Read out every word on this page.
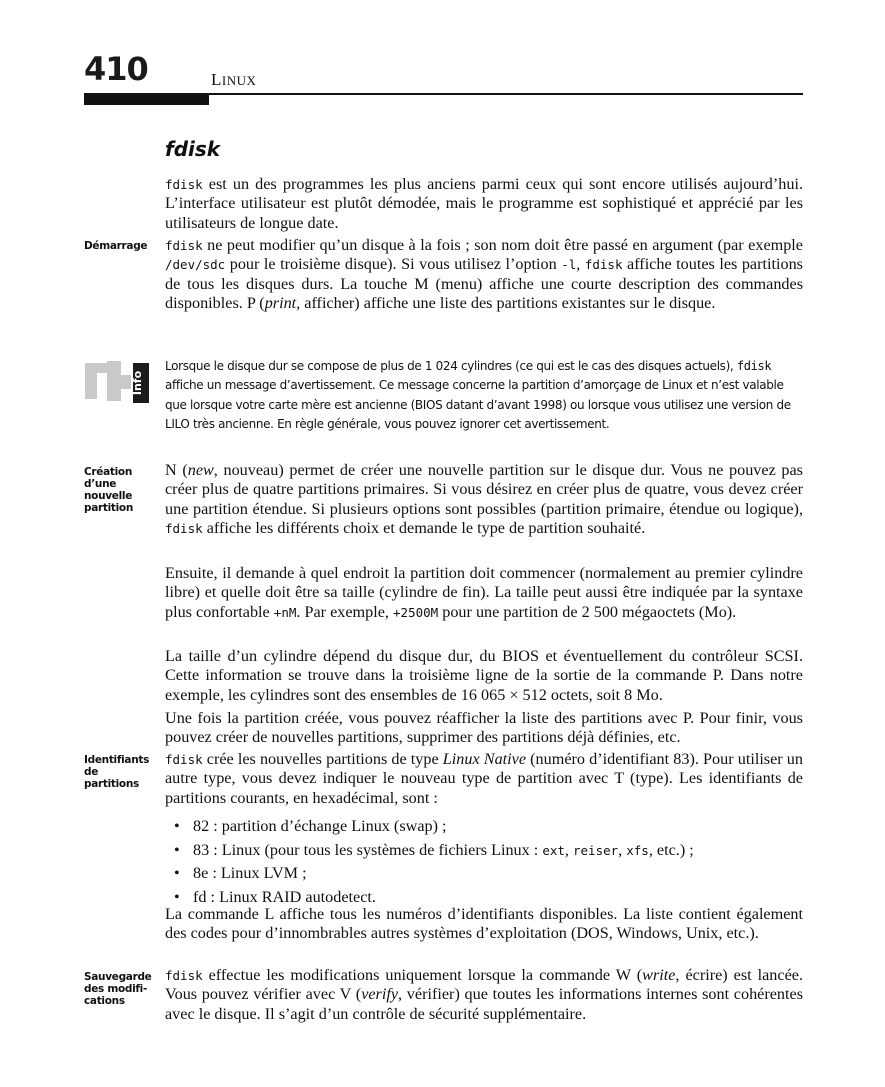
410	LINUX
fdisk

fdisk est un des programmes les plus anciens parmi ceux qui sont encore utilisés aujourd’hui. L’interface utilisateur est plutôt démodée, mais le programme est sophistiqué et apprécié par les utilisateurs de longue date.

Démarrage	fdisk ne peut modifier qu’un disque à la fois ; son nom doit être passé en argument (par exemple /dev/sdc pour le troisième disque). Si vous utilisez l’option -l, fdisk affiche toutes les partitions de tous les disques durs. La touche M (menu) affiche une courte description des commandes disponibles. P (print, afficher) affiche une liste des partitions existantes sur le disque.

Info

Lorsque le disque dur se compose de plus de 1 024 cylindres (ce qui est le cas des disques actuels), fdisk affiche un message d’avertissement. Ce message concerne la partition d’amorçage de Linux et n’est valable que lorsque votre carte mère est ancienne (BIOS datant d’avant 1998) ou lorsque vous utilisez une version de LILO très ancienne. En règle générale, vous pouvez ignorer cet avertissement.

Création d’une
nouvelle
partition

N (new, nouveau) permet de créer une nouvelle partition sur le disque dur. Vous ne pouvez pas créer plus de quatre partitions primaires. Si vous désirez en créer plus de quatre, vous devez créer une partition étendue. Si plusieurs options sont possibles (partition primaire, étendue ou logique), fdisk affiche les différents choix et demande le type de partition souhaité.

Ensuite, il demande à quel endroit la partition doit commencer (normalement au premier cylindre libre) et quelle doit être sa taille (cylindre de fin). La taille peut aussi être indiquée par la syntaxe plus confortable +nM. Par exemple, +2500M pour une partition de 2 500 mégaoctets (Mo).

La taille d’un cylindre dépend du disque dur, du BIOS et éventuellement du contrôleur SCSI. Cette information se trouve dans la troisième ligne de la sortie de la commande P. Dans notre exemple, les cylindres sont des ensembles de 16 065 × 512 octets, soit 8 Mo.

Une fois la partition créée, vous pouvez réafficher la liste des partitions avec P. Pour finir, vous pouvez créer de nouvelles partitions, supprimer des partitions déjà définies, etc.

Identifiants de
partitions

fdisk crée les nouvelles partitions de type Linux Native (numéro d’identifiant 83). Pour utiliser un autre type, vous devez indiquer le nouveau type de partition avec T (type). Les identifiants de partitions courants, en hexadécimal, sont :

• 82 : partition d’échange Linux (swap) ;
• 83 : Linux (pour tous les systèmes de fichiers Linux : ext, reiser, xfs, etc.) ;
• 8e : Linux LVM ;
• fd : Linux RAID autodetect.

La commande L affiche tous les numéros d’identifiants disponibles. La liste contient également des codes pour d’innombrables autres systèmes d’exploitation (DOS, Windows, Unix, etc.).

Sauvegarde
des modifi-
cations

fdisk effectue les modifications uniquement lorsque la commande W (write, écrire) est lancée. Vous pouvez vérifier avec V (verify, vérifier) que toutes les informations internes sont cohérentes avec le disque. Il s’agit d’un contrôle de sécurité supplémentaire.
